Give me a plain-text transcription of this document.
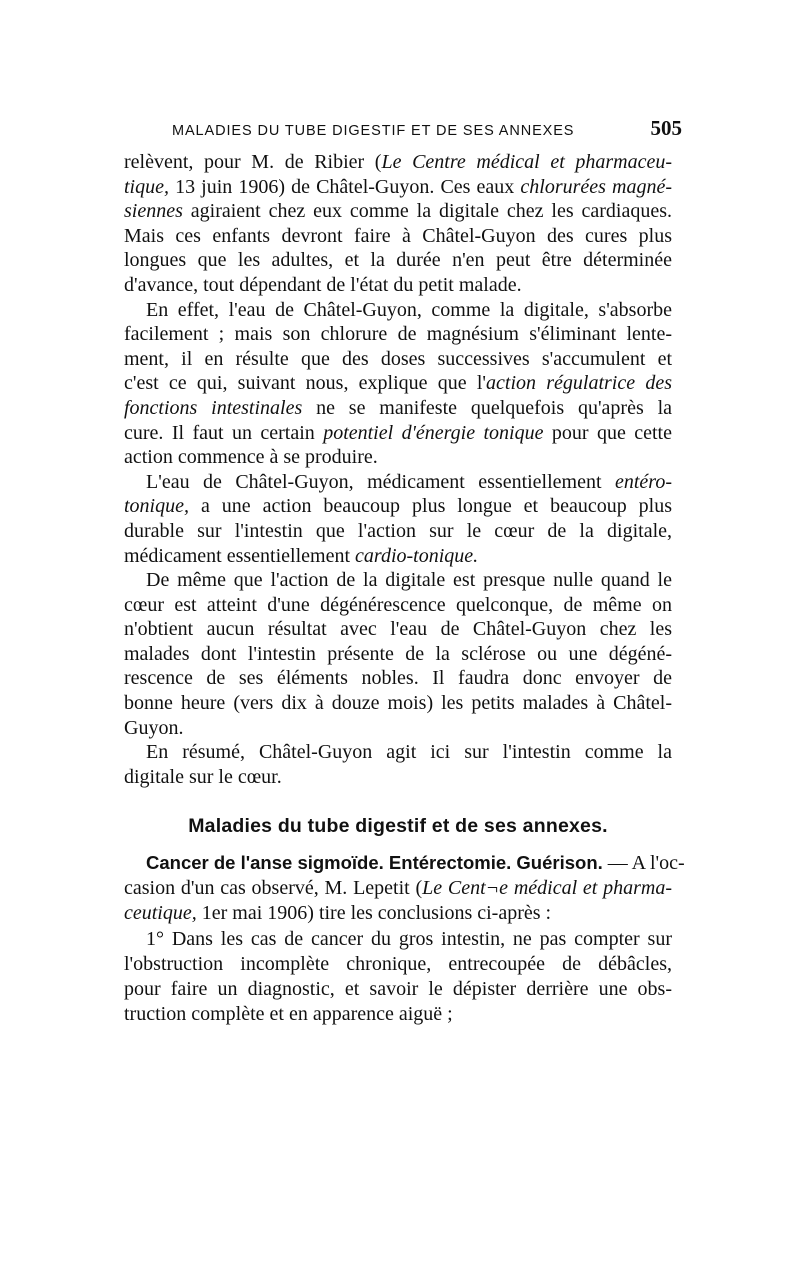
MALADIES DU TUBE DIGESTIF ET DE SES ANNEXES	505
relèvent, pour M. de Ribier (Le Centre médical et pharmaceu-
tique, 13 juin 1906) de Châtel-Guyon. Ces eaux chlorurées magné-
siennes agiraient chez eux comme la digitale chez les cardiaques.
Mais ces enfants devront faire à Châtel-Guyon des cures plus
longues que les adultes, et la durée n'en peut être déterminée
d'avance, tout dépendant de l'état du petit malade.
En effet, l'eau de Châtel-Guyon, comme la digitale, s'absorbe
facilement ; mais son chlorure de magnésium s'éliminant lente-
ment, il en résulte que des doses successives s'accumulent et
c'est ce qui, suivant nous, explique que l'action régulatrice des
fonctions intestinales ne se manifeste quelquefois qu'après la
cure. Il faut un certain potentiel d'énergie tonique pour que cette
action commence à se produire.
L'eau de Châtel-Guyon, médicament essentiellement entéro-
tonique, a une action beaucoup plus longue et beaucoup plus
durable sur l'intestin que l'action sur le cœur de la digitale,
médicament essentiellement cardio-tonique.
De même que l'action de la digitale est presque nulle quand le
cœur est atteint d'une dégénérescence quelconque, de même on
n'obtient aucun résultat avec l'eau de Châtel-Guyon chez les
malades dont l'intestin présente de la sclérose ou une dégéné-
rescence de ses éléments nobles. Il faudra donc envoyer de
bonne heure (vers dix à douze mois) les petits malades à Châtel-
Guyon.
En résumé, Châtel-Guyon agit ici sur l'intestin comme la
digitale sur le cœur.
Maladies du tube digestif et de ses annexes.
Cancer de l'anse sigmoïde. Entérectomie. Guérison. — A l'oc-
casion d'un cas observé, M. Lepetit (Le Cent¬e médical et pharma-
ceutique, 1er mai 1906) tire les conclusions ci-après :
1° Dans les cas de cancer du gros intestin, ne pas compter sur
l'obstruction incomplète chronique, entrecoupée de débâcles,
pour faire un diagnostic, et savoir le dépister derrière une obs-
truction complète et en apparence aiguë ;
